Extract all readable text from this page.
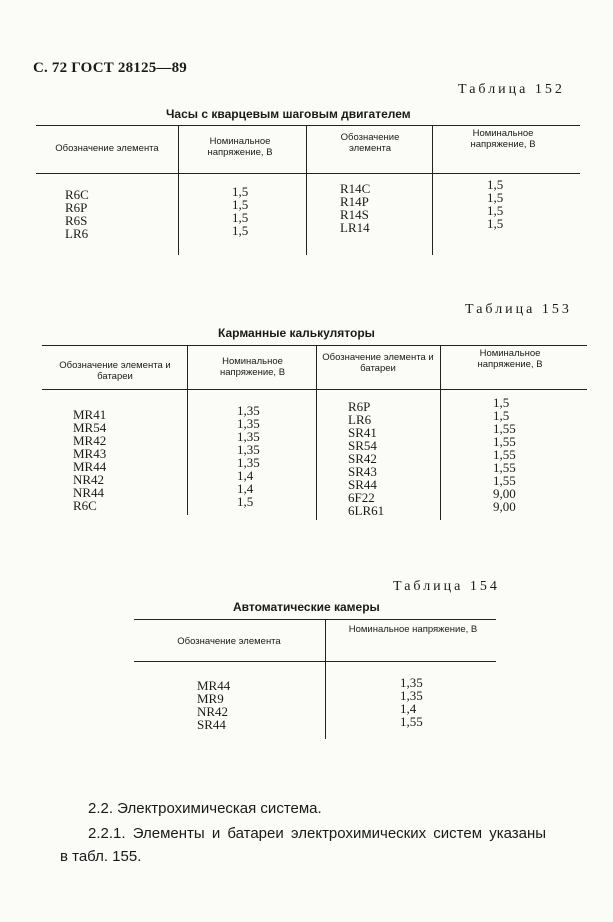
С. 72 ГОСТ 28125—89
Таблица 152
Часы с кварцевым шаговым двигателем
Обозначение элемента
Номинальное напряжение, В
Обозначение элемента
Номинальное напряжение, В
R6C
R6P
R6S
LR6
1,5
1,5
1,5
1,5
R14C
R14P
R14S
LR14
1,5
1,5
1,5
1,5
Таблица 153
Карманные калькуляторы
Обозначение элемента и батареи
Номинальное напряжение, В
Обозначение элемента и батареи
Номинальное напряжение, В
MR41
MR54
MR42
MR43
MR44
NR42
NR44
R6C
1,35
1,35
1,35
1,35
1,35
1,4
1,4
1,5
R6P
LR6
SR41
SR54
SR42
SR43
SR44
6F22
6LR61
1,5
1,5
1,55
1,55
1,55
1,55
1,55
9,00
9,00
Таблица 154
Автоматические камеры
Обозначение элемента
Номинальное напряжение, В
MR44
MR9
NR42
SR44
1,35
1,35
1,4
1,55
2.2. Электрохимическая система.
2.2.1. Элементы и батареи электрохимических систем указаны
в табл. 155.
